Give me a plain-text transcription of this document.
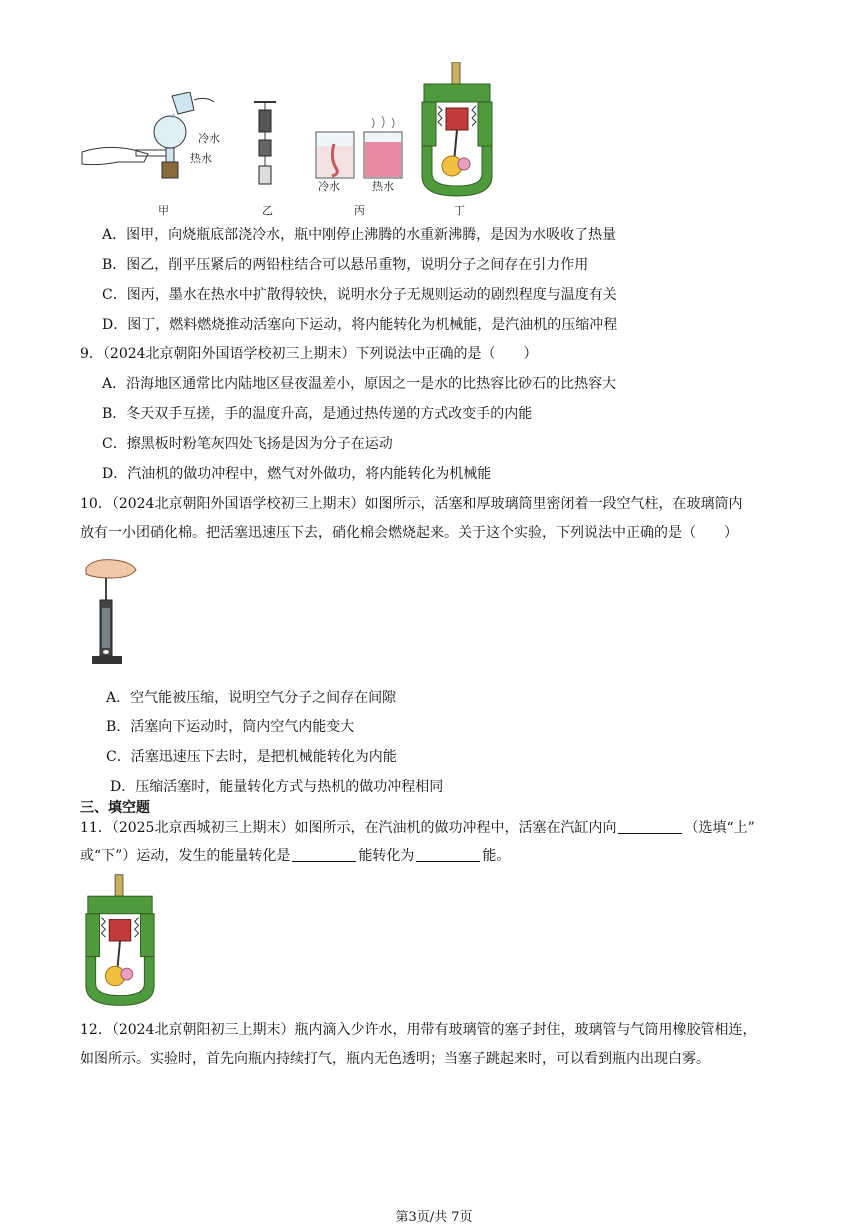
冷水
热水
冷水	热水
甲	乙	丙	丁
A．图甲，向烧瓶底部浇冷水，瓶中刚停止沸腾的水重新沸腾，是因为水吸收了热量
B．图乙，削平压紧后的两铅柱结合可以悬吊重物，说明分子之间存在引力作用
C．图丙，墨水在热水中扩散得较快，说明水分子无规则运动的剧烈程度与温度有关
D．图丁，燃料燃烧推动活塞向下运动，将内能转化为机械能，是汽油机的压缩冲程
9．（2024北京朝阳外国语学校初三上期末）下列说法中正确的是（　　）
A．沿海地区通常比内陆地区昼夜温差小，原因之一是水的比热容比砂石的比热容大
B．冬天双手互搓，手的温度升高，是通过热传递的方式改变手的内能
C．擦黑板时粉笔灰四处飞扬是因为分子在运动
D．汽油机的做功冲程中，燃气对外做功，将内能转化为机械能
10．（2024北京朝阳外国语学校初三上期末）如图所示，活塞和厚玻璃筒里密闭着一段空气柱，在玻璃筒内
放有一小团硝化棉。把活塞迅速压下去，硝化棉会燃烧起来。关于这个实验，下列说法中正确的是（　　）
A．空气能被压缩，说明空气分子之间存在间隙
B．活塞向下运动时，筒内空气内能变大
C．活塞迅速压下去时，是把机械能转化为内能
D．压缩活塞时，能量转化方式与热机的做功冲程相同
三、填空题
11．（2025北京西城初三上期末）如图所示，在汽油机的做功冲程中，活塞在汽缸内向	（选填“上”
或“下”）运动，发生的能量转化是	能转化为	能。
12．（2024北京朝阳初三上期末）瓶内滴入少许水，用带有玻璃管的塞子封住，玻璃管与气筒用橡胶管相连，
如图所示。实验时，首先向瓶内持续打气，瓶内无色透明；当塞子跳起来时，可以看到瓶内出现白雾。
第3页/共 7页
